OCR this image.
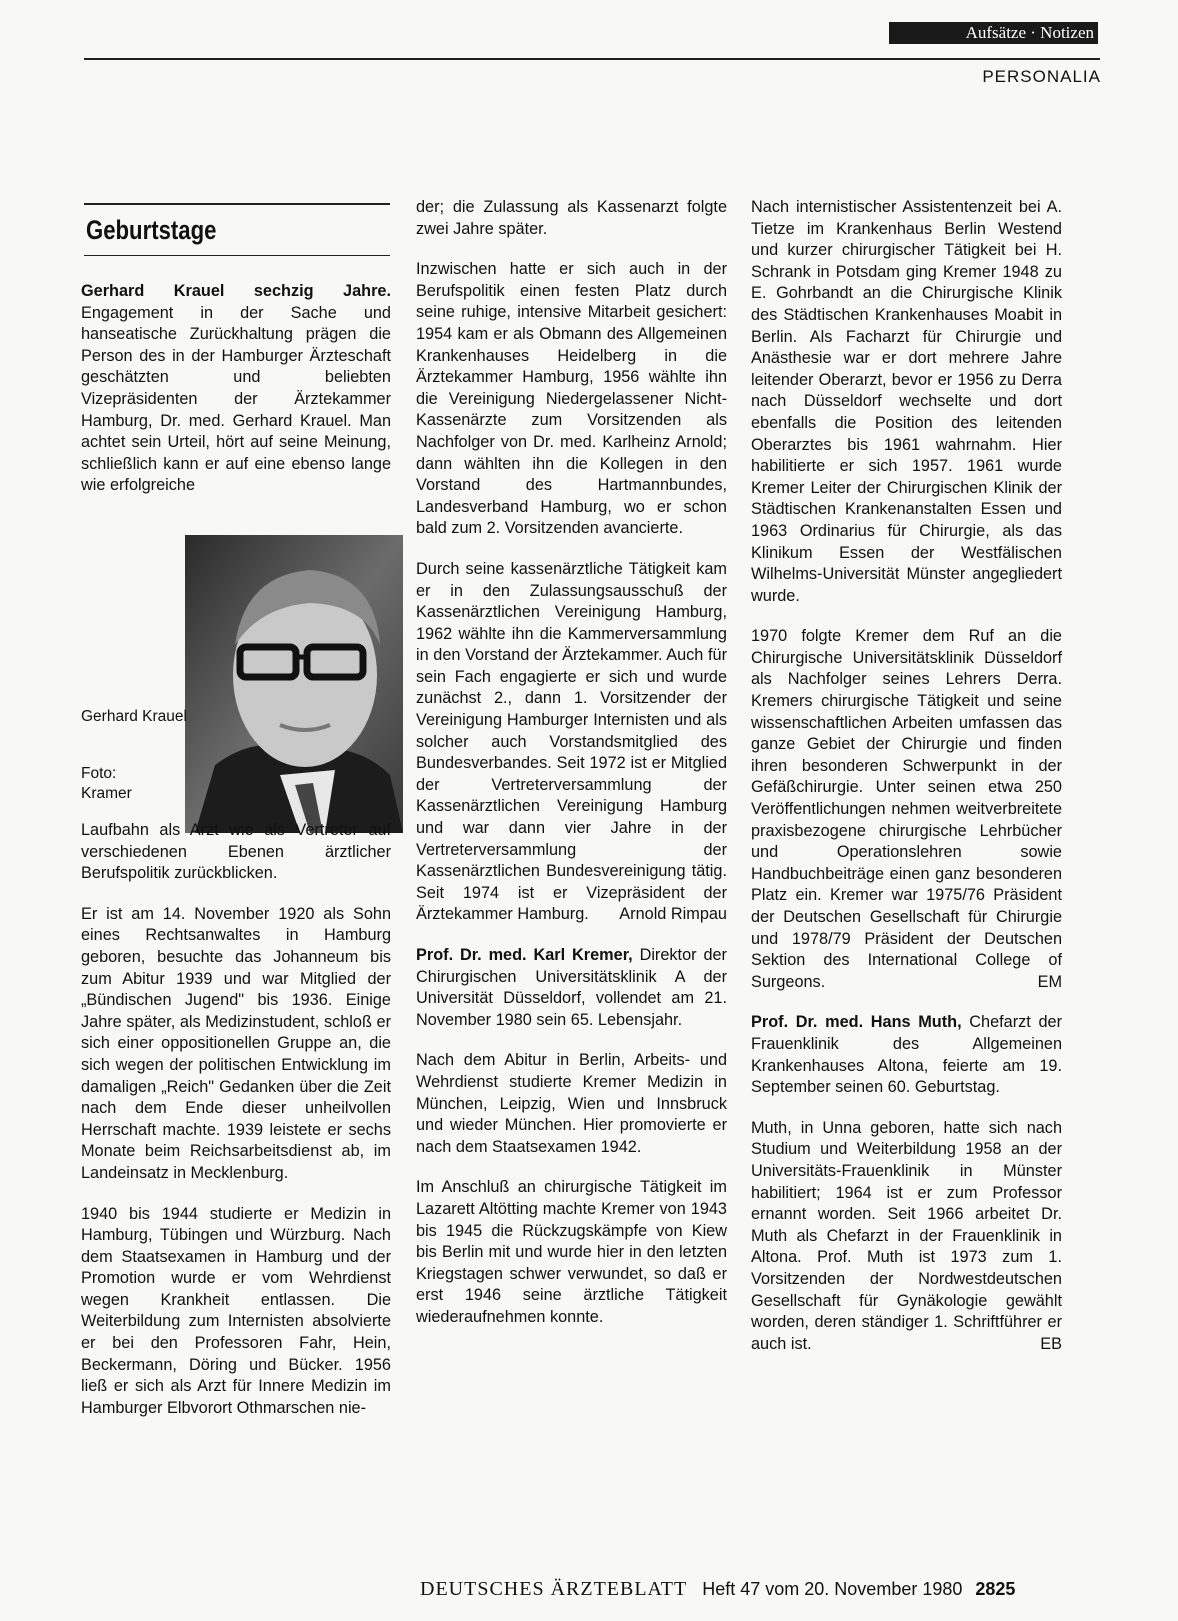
Aufsätze · Notizen
PERSONALIA
Geburtstage

Gerhard Krauel sechzig Jahre. Engagement in der Sache und hanseatische Zurückhaltung prägen die Person des in der Hamburger Ärzteschaft geschätzten und beliebten Vizepräsidenten der Ärztekammer Hamburg, Dr. med. Gerhard Krauel. Man achtet sein Urteil, hört auf seine Meinung, schließlich kann er auf eine ebenso lange wie erfolgreiche

Gerhard Krauel
Foto: Kramer

Laufbahn als Arzt wie als Vertreter auf verschiedenen Ebenen ärztlicher Berufspolitik zurückblicken.

Er ist am 14. November 1920 als Sohn eines Rechtsanwaltes in Hamburg geboren, besuchte das Johanneum bis zum Abitur 1939 und war Mitglied der „Bündischen Jugend" bis 1936. Einige Jahre später, als Medizinstudent, schloß er sich einer oppositionellen Gruppe an, die sich wegen der politischen Entwicklung im damaligen „Reich" Gedanken über die Zeit nach dem Ende dieser unheilvollen Herrschaft machte. 1939 leistete er sechs Monate beim Reichsarbeitsdienst ab, im Landeinsatz in Mecklenburg.

1940 bis 1944 studierte er Medizin in Hamburg, Tübingen und Würzburg. Nach dem Staatsexamen in Hamburg und der Promotion wurde er vom Wehrdienst wegen Krankheit entlassen. Die Weiterbildung zum Internisten absolvierte er bei den Professoren Fahr, Hein, Beckermann, Döring und Bücker. 1956 ließ er sich als Arzt für Innere Medizin im Hamburger Elbvorort Othmarschen nie-

der; die Zulassung als Kassenarzt folgte zwei Jahre später.

Inzwischen hatte er sich auch in der Berufspolitik einen festen Platz durch seine ruhige, intensive Mitarbeit gesichert: 1954 kam er als Obmann des Allgemeinen Krankenhauses Heidelberg in die Ärztekammer Hamburg, 1956 wählte ihn die Vereinigung Niedergelassener Nicht-Kassenärzte zum Vorsitzenden als Nachfolger von Dr. med. Karlheinz Arnold; dann wählten ihn die Kollegen in den Vorstand des Hartmannbundes, Landesverband Hamburg, wo er schon bald zum 2. Vorsitzenden avancierte.

Durch seine kassenärztliche Tätigkeit kam er in den Zulassungsausschuß der Kassenärztlichen Vereinigung Hamburg, 1962 wählte ihn die Kammerversammlung in den Vorstand der Ärztekammer. Auch für sein Fach engagierte er sich und wurde zunächst 2., dann 1. Vorsitzender der Vereinigung Hamburger Internisten und als solcher auch Vorstandsmitglied des Bundesverbandes. Seit 1972 ist er Mitglied der Vertreterversammlung der Kassenärztlichen Vereinigung Hamburg und war dann vier Jahre in der Vertreterversammlung der Kassenärztlichen Bundesvereinigung tätig. Seit 1974 ist er Vizepräsident der Ärztekammer Hamburg. Arnold Rimpau

Prof. Dr. med. Karl Kremer, Direktor der Chirurgischen Universitätsklinik A der Universität Düsseldorf, vollendet am 21. November 1980 sein 65. Lebensjahr.

Nach dem Abitur in Berlin, Arbeits- und Wehrdienst studierte Kremer Medizin in München, Leipzig, Wien und Innsbruck und wieder München. Hier promovierte er nach dem Staatsexamen 1942.

Im Anschluß an chirurgische Tätigkeit im Lazarett Altötting machte Kremer von 1943 bis 1945 die Rückzugskämpfe von Kiew bis Berlin mit und wurde hier in den letzten Kriegstagen schwer verwundet, so daß er erst 1946 seine ärztliche Tätigkeit wiederaufnehmen konnte.

Nach internistischer Assistentenzeit bei A. Tietze im Krankenhaus Berlin Westend und kurzer chirurgischer Tätigkeit bei H. Schrank in Potsdam ging Kremer 1948 zu E. Gohrbandt an die Chirurgische Klinik des Städtischen Krankenhauses Moabit in Berlin. Als Facharzt für Chirurgie und Anästhesie war er dort mehrere Jahre leitender Oberarzt, bevor er 1956 zu Derra nach Düsseldorf wechselte und dort ebenfalls die Position des leitenden Oberarztes bis 1961 wahrnahm. Hier habilitierte er sich 1957. 1961 wurde Kremer Leiter der Chirurgischen Klinik der Städtischen Krankenanstalten Essen und 1963 Ordinarius für Chirurgie, als das Klinikum Essen der Westfälischen Wilhelms-Universität Münster angegliedert wurde.

1970 folgte Kremer dem Ruf an die Chirurgische Universitätsklinik Düsseldorf als Nachfolger seines Lehrers Derra. Kremers chirurgische Tätigkeit und seine wissenschaftlichen Arbeiten umfassen das ganze Gebiet der Chirurgie und finden ihren besonderen Schwerpunkt in der Gefäßchirurgie. Unter seinen etwa 250 Veröffentlichungen nehmen weitverbreitete praxisbezogene chirurgische Lehrbücher und Operationslehren sowie Handbuchbeiträge einen ganz besonderen Platz ein. Kremer war 1975/76 Präsident der Deutschen Gesellschaft für Chirurgie und 1978/79 Präsident der Deutschen Sektion des International College of Surgeons.	EM

Prof. Dr. med. Hans Muth, Chefarzt der Frauenklinik des Allgemeinen Krankenhauses Altona, feierte am 19. September seinen 60. Geburtstag.

Muth, in Unna geboren, hatte sich nach Studium und Weiterbildung 1958 an der Universitäts-Frauenklinik in Münster habilitiert; 1964 ist er zum Professor ernannt worden. Seit 1966 arbeitet Dr. Muth als Chefarzt in der Frauenklinik in Altona. Prof. Muth ist 1973 zum 1. Vorsitzenden der Nordwestdeutschen Gesellschaft für Gynäkologie gewählt worden, deren ständiger 1. Schriftführer er auch ist.	EB

DEUTSCHES ÄRZTEBLATT Heft 47 vom 20. November 1980 2825
